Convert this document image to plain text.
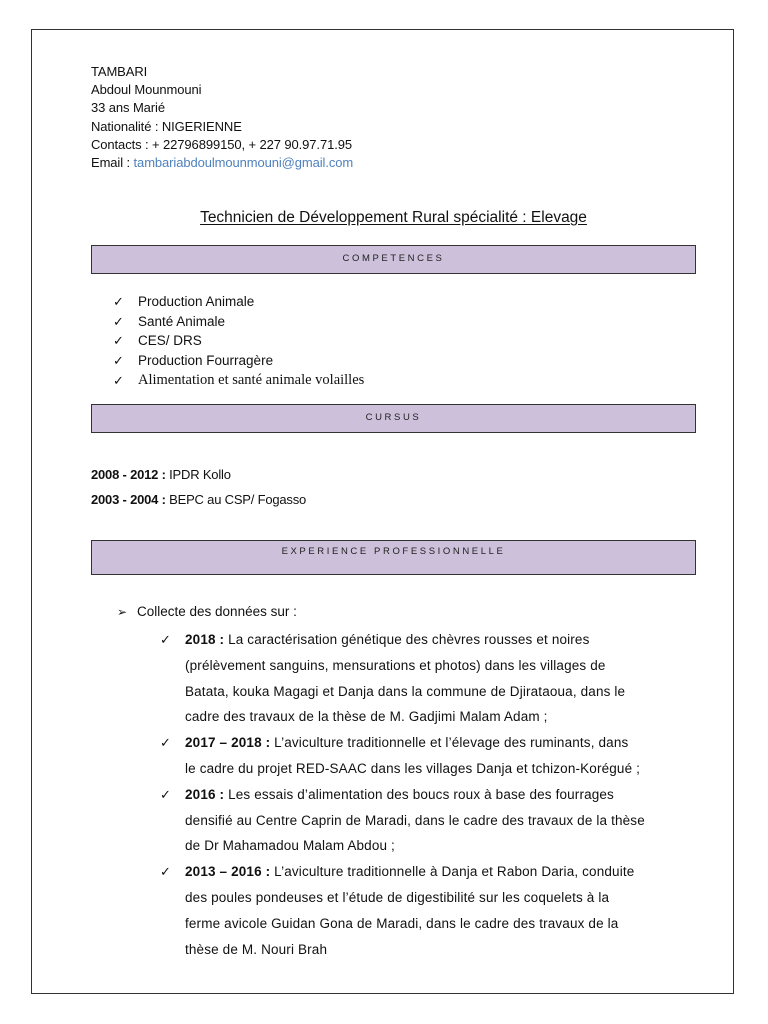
TAMBARI
Abdoul Mounmouni
33 ans Marié
Nationalité : NIGERIENNE
Contacts : + 22796899150, + 227 90.97.71.95
Email : tambariabdoulmounmouni@gmail.com
Technicien de Développement Rural spécialité : Elevage
COMPETENCES
✓ Production Animale
✓ Santé Animale
✓ CES/ DRS
✓ Production Fourragère
✓ Alimentation et santé animale volailles
CURSUS
2008 - 2012 : IPDR Kollo
2003 - 2004 : BEPC au CSP/ Fogasso
EXPERIENCE PROFESSIONNELLE
➢ Collecte des données sur :
✓ 2018 : La caractérisation génétique des chèvres rousses et noires
(prélèvement sanguins, mensurations et photos) dans les villages de
Batata, kouka Magagi et Danja dans la commune de Djirataoua, dans le
cadre des travaux de la thèse de M. Gadjimi Malam Adam ;
✓ 2017 – 2018 : L’aviculture traditionnelle et l’élevage des ruminants, dans
le cadre du projet RED-SAAC dans les villages Danja et tchizon-Korégué ;
✓ 2016 : Les essais d’alimentation des boucs roux à base des fourrages
densifié au Centre Caprin de Maradi, dans le cadre des travaux de la thèse
de Dr Mahamadou Malam Abdou ;
✓ 2013 – 2016 : L’aviculture traditionnelle à Danja et Rabon Daria, conduite
des poules pondeuses et l’étude de digestibilité sur les coquelets à la
ferme avicole Guidan Gona de Maradi, dans le cadre des travaux de la
thèse de M. Nouri Brah
